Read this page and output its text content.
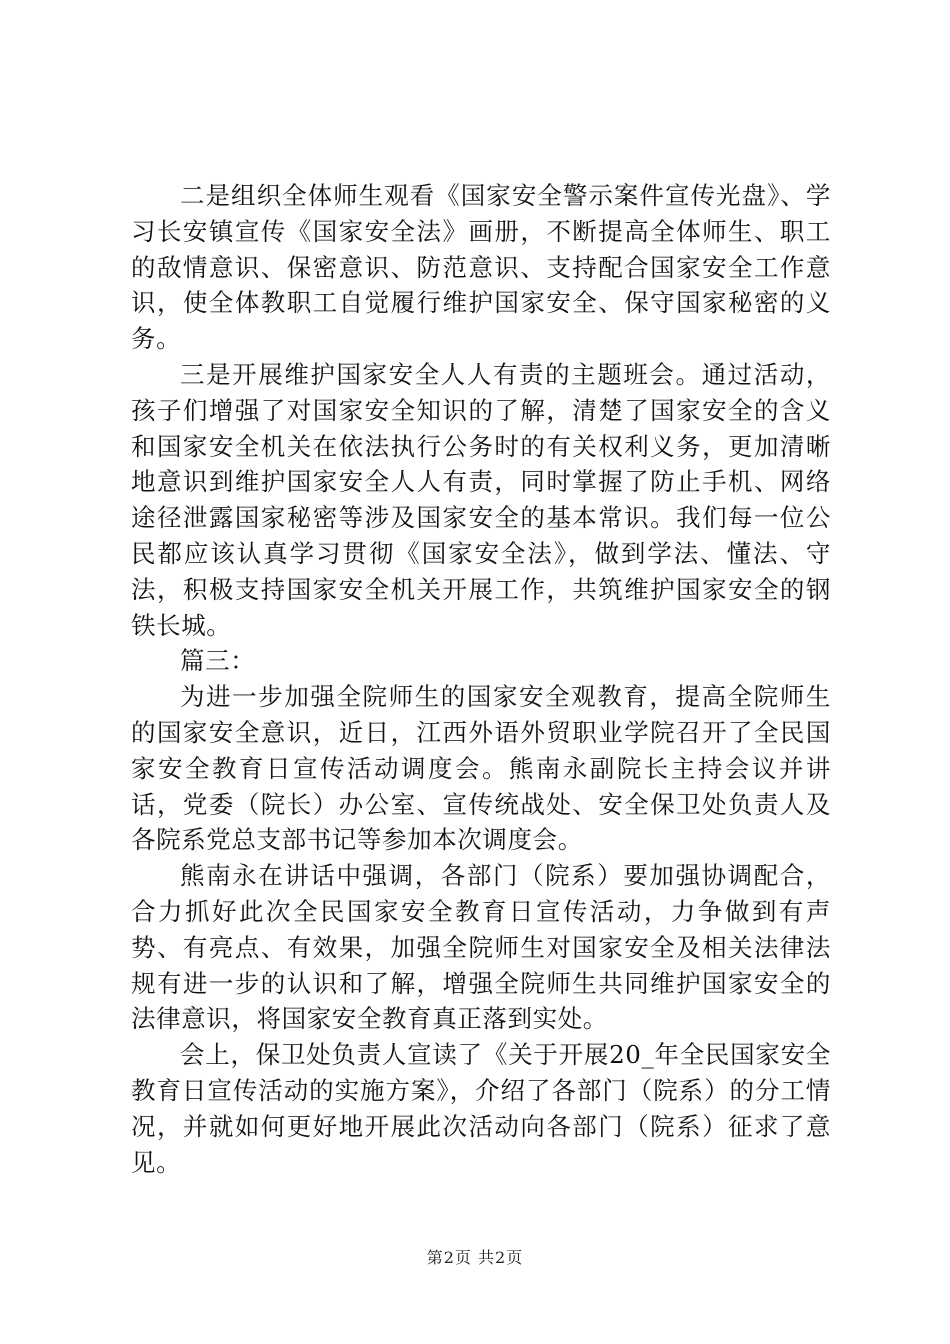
二是组织全体师生观看《国家安全警示案件宣传光盘》、学习长安镇宣传《国家安全法》画册，不断提高全体师生、职工的敌情意识、保密意识、防范意识、支持配合国家安全工作意识，使全体教职工自觉履行维护国家安全、保守国家秘密的义务。

三是开展维护国家安全人人有责的主题班会。通过活动，孩子们增强了对国家安全知识的了解，清楚了国家安全的含义和国家安全机关在依法执行公务时的有关权利义务，更加清晰地意识到维护国家安全人人有责，同时掌握了防止手机、网络途径泄露国家秘密等涉及国家安全的基本常识。我们每一位公民都应该认真学习贯彻《国家安全法》，做到学法、懂法、守法，积极支持国家安全机关开展工作，共筑维护国家安全的钢铁长城。

篇三：

为进一步加强全院师生的国家安全观教育，提高全院师生的国家安全意识，近日，江西外语外贸职业学院召开了全民国家安全教育日宣传活动调度会。熊南永副院长主持会议并讲话，党委（院长）办公室、宣传统战处、安全保卫处负责人及各院系党总支部书记等参加本次调度会。

熊南永在讲话中强调，各部门（院系）要加强协调配合，合力抓好此次全民国家安全教育日宣传活动，力争做到有声势、有亮点、有效果，加强全院师生对国家安全及相关法律法规有进一步的认识和了解，增强全院师生共同维护国家安全的法律意识，将国家安全教育真正落到实处。

会上，保卫处负责人宣读了《关于开展20_年全民国家安全教育日宣传活动的实施方案》，介绍了各部门（院系）的分工情况，并就如何更好地开展此次活动向各部门（院系）征求了意见。

第2页 共2页
